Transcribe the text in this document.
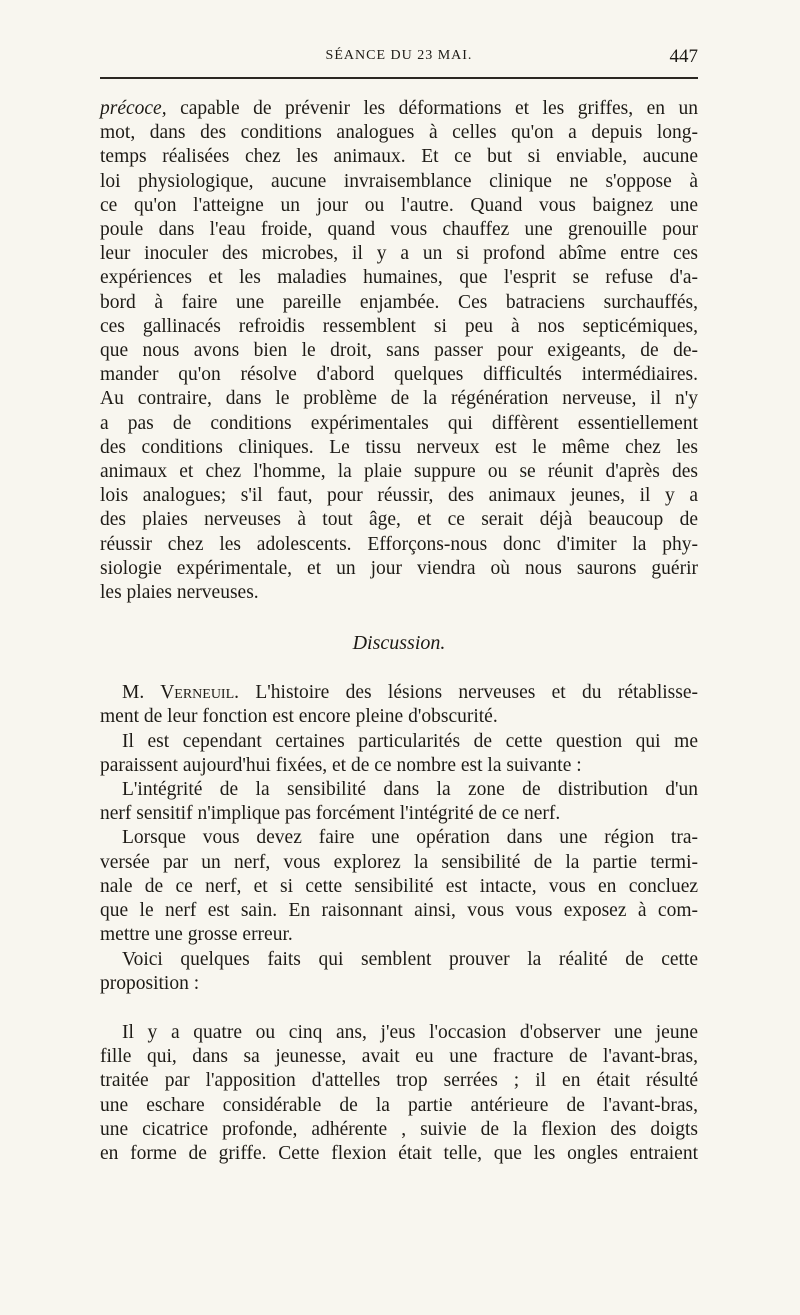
SÉANCE DU 23 MAI.	447
précoce, capable de prévenir les déformations et les griffes, en un
mot, dans des conditions analogues à celles qu'on a depuis long-
temps réalisées chez les animaux. Et ce but si enviable, aucune
loi physiologique, aucune invraisemblance clinique ne s'oppose à
ce qu'on l'atteigne un jour ou l'autre. Quand vous baignez une
poule dans l'eau froide, quand vous chauffez une grenouille pour
leur inoculer des microbes, il y a un si profond abîme entre ces
expériences et les maladies humaines, que l'esprit se refuse d'a-
bord à faire une pareille enjambée. Ces batraciens surchauffés,
ces gallinacés refroidis ressemblent si peu à nos septicémiques,
que nous avons bien le droit, sans passer pour exigeants, de de-
mander qu'on résolve d'abord quelques difficultés intermédiaires.
Au contraire, dans le problème de la régénération nerveuse, il n'y
a pas de conditions expérimentales qui diffèrent essentiellement
des conditions cliniques. Le tissu nerveux est le même chez les
animaux et chez l'homme, la plaie suppure ou se réunit d'après des
lois analogues; s'il faut, pour réussir, des animaux jeunes, il y a
des plaies nerveuses à tout âge, et ce serait déjà beaucoup de
réussir chez les adolescents. Efforçons-nous donc d'imiter la phy-
siologie expérimentale, et un jour viendra où nous saurons guérir
les plaies nerveuses.
Discussion.
M. Verneuil. L'histoire des lésions nerveuses et du rétablisse-
ment de leur fonction est encore pleine d'obscurité.
Il est cependant certaines particularités de cette question qui me
paraissent aujourd'hui fixées, et de ce nombre est la suivante :
L'intégrité de la sensibilité dans la zone de distribution d'un
nerf sensitif n'implique pas forcément l'intégrité de ce nerf.
Lorsque vous devez faire une opération dans une région tra-
versée par un nerf, vous explorez la sensibilité de la partie termi-
nale de ce nerf, et si cette sensibilité est intacte, vous en concluez
que le nerf est sain. En raisonnant ainsi, vous vous exposez à com-
mettre une grosse erreur.
Voici quelques faits qui semblent prouver la réalité de cette
proposition :
Il y a quatre ou cinq ans, j'eus l'occasion d'observer une jeune
fille qui, dans sa jeunesse, avait eu une fracture de l'avant-bras,
traitée par l'apposition d'attelles trop serrées ; il en était résulté
une eschare considérable de la partie antérieure de l'avant-bras,
une cicatrice profonde, adhérente , suivie de la flexion des doigts
en forme de griffe. Cette flexion était telle, que les ongles entraient
